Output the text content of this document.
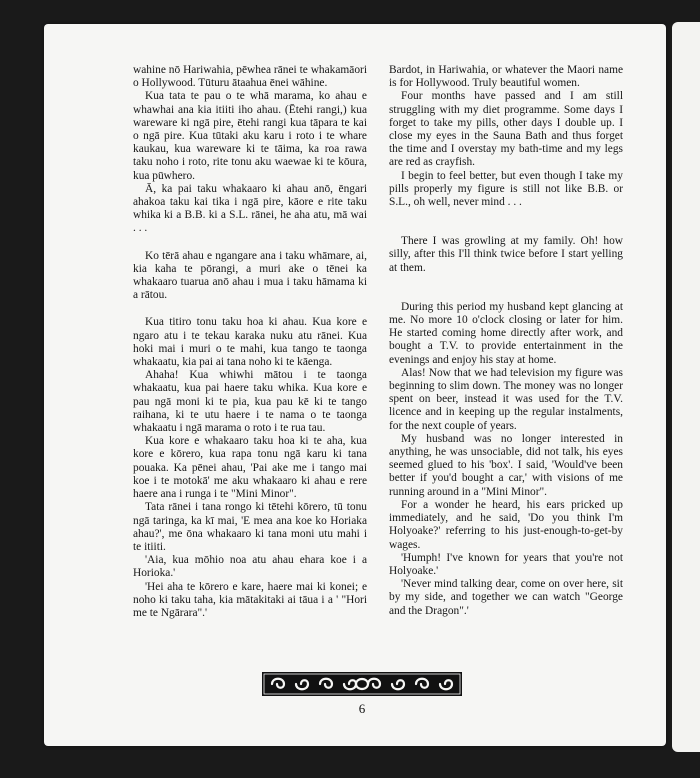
wahine nō Hariwahia, pēwhea rānei te whakamāori o Hollywood. Tūturu ātaahua ēnei wāhine.

Kua tata te pau o te whā marama, ko ahau e whawhai ana kia itiiti iho ahau. (Ētehi rangi,) kua wareware ki ngā pire, ētehi rangi kua tāpara te kai o ngā pire. Kua tūtaki aku karu i roto i te whare kaukau, kua wareware ki te tāima, ka roa rawa taku noho i roto, rite tonu aku waewae ki te kōura, kua pūwhero.

Ā, ka pai taku whakaaro ki ahau anō, ēngari ahakoa taku kai tika i ngā pire, kāore e rite taku whika ki a B.B. ki a S.L. rānei, he aha atu, mā wai . . .

Ko tērā ahau e ngangare ana i taku whāmare, ai, kia kaha te pōrangi, a muri ake o tēnei ka whakaaro tuarua anō ahau i mua i taku hāmama ki a rātou.

Kua titiro tonu taku hoa ki ahau. Kua kore e ngaro atu i te tekau karaka nuku atu rānei. Kua hoki mai i muri o te mahi, kua tango te taonga whakaatu, kia pai ai tana noho ki te kāenga.

Ahaha! Kua whiwhi mātou i te taonga whakaatu, kua pai haere taku whika. Kua kore e pau ngā moni ki te pia, kua pau kē ki te tango raihana, ki te utu haere i te nama o te taonga whakaatu i ngā marama o roto i te rua tau.

Kua kore e whakaaro taku hoa ki te aha, kua kore e kōrero, kua rapa tonu ngā karu ki tana pouaka. Ka pēnei ahau, 'Pai ake me i tango mai koe i te motokā' me aku whakaaro ki ahau e rere haere ana i runga i te "Mini Minor".

Tata rānei i tana rongo ki tētehi kōrero, tū tonu ngā taringa, ka kī mai, 'E mea ana koe ko Horiaka ahau?', me ōna whakaaro ki tana moni utu mahi i te itiiti.

'Aia, kua mōhio noa atu ahau ehara koe i a Horioka.'

'Hei aha te kōrero e kare, haere mai ki konei; e noho ki taku taha, kia mātakitaki ai tāua i a ' "Hori me te Ngārara".'

Bardot, in Hariwahia, or whatever the Maori name is for Hollywood. Truly beautiful women.

Four months have passed and I am still struggling with my diet programme. Some days I forget to take my pills, other days I double up. I close my eyes in the Sauna Bath and thus forget the time and I overstay my bath-time and my legs are red as crayfish.

I begin to feel better, but even though I take my pills properly my figure is still not like B.B. or S.L., oh well, never mind . . .

There I was growling at my family. Oh! how silly, after this I'll think twice before I start yelling at them.

During this period my husband kept glancing at me. No more 10 o'clock closing or later for him. He started coming home directly after work, and bought a T.V. to provide entertainment in the evenings and enjoy his stay at home.

Alas! Now that we had television my figure was beginning to slim down. The money was no longer spent on beer, instead it was used for the T.V. licence and in keeping up the regular instalments, for the next couple of years.

My husband was no longer interested in anything, he was unsociable, did not talk, his eyes seemed glued to his 'box'. I said, 'Would've been better if you'd bought a car,' with visions of me running around in a "Mini Minor".

For a wonder he heard, his ears pricked up immediately, and he said, 'Do you think I'm Holyoake?' referring to his just-enough-to-get-by wages.

'Humph! I've known for years that you're not Holyoake.'

'Never mind talking dear, come on over here, sit by my side, and together we can watch "George and the Dragon".'

6
